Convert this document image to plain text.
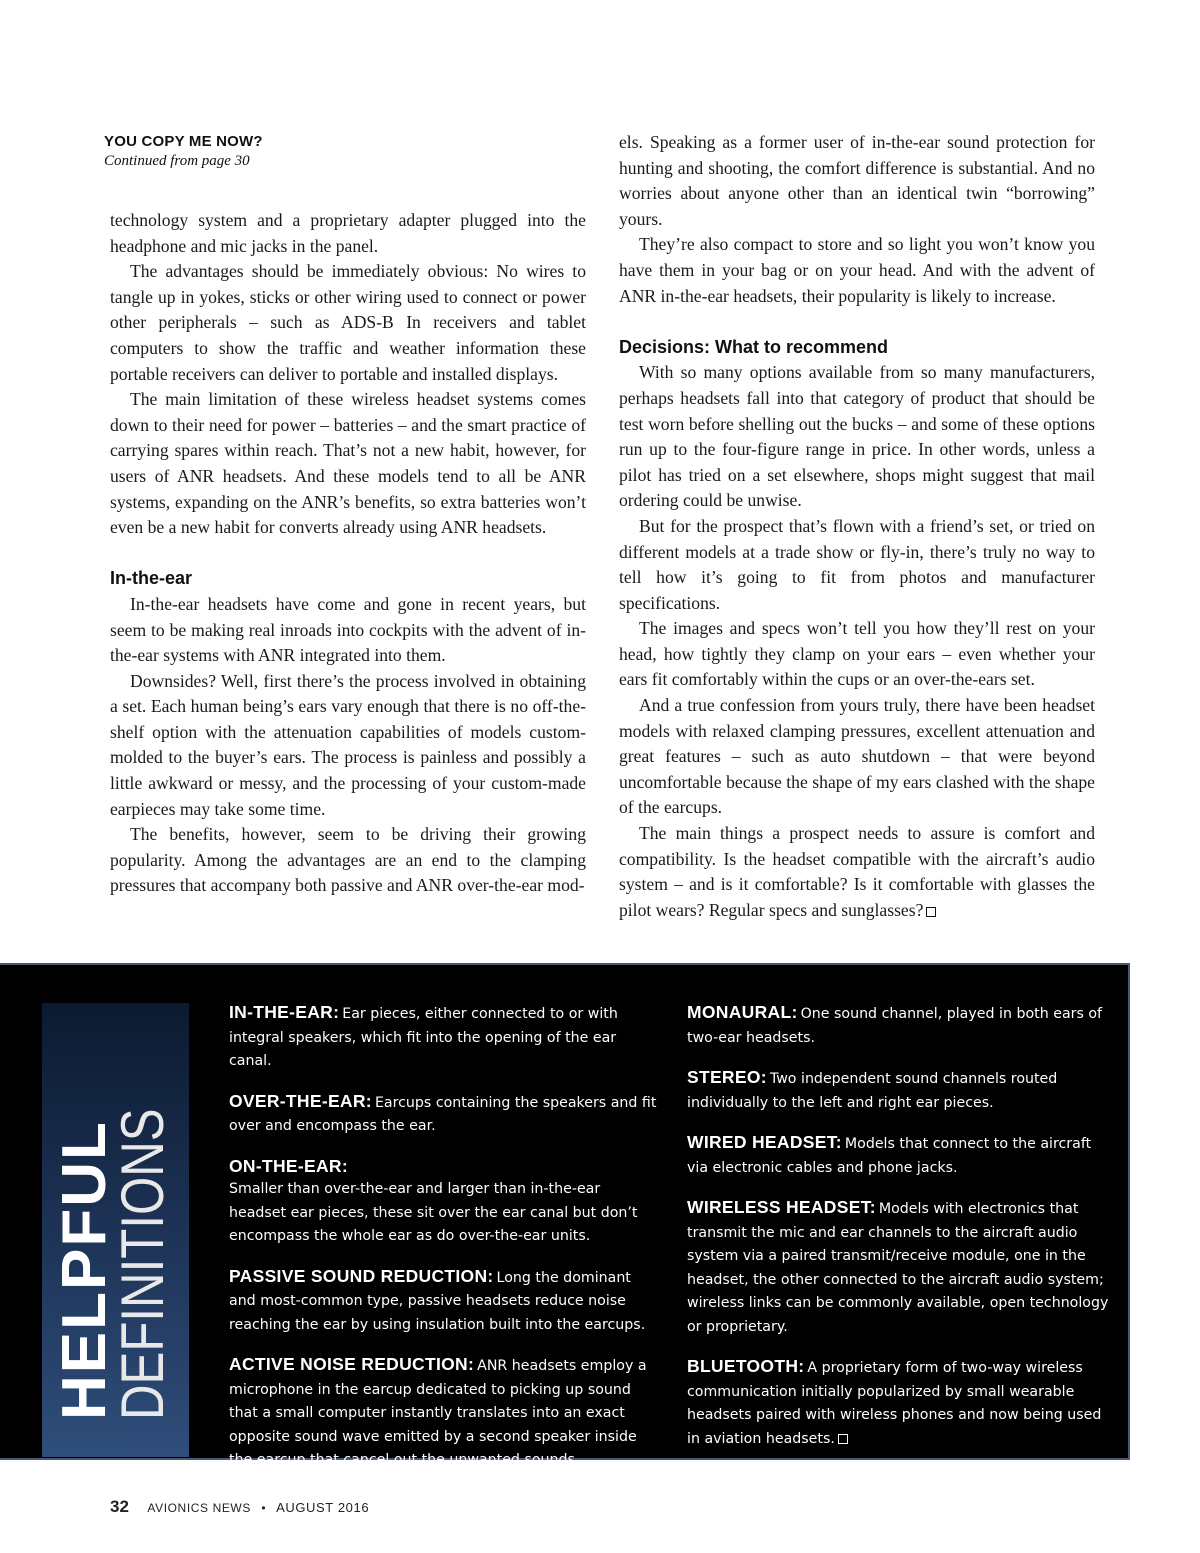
YOU COPY ME NOW?
Continued from page 30

technology system and a proprietary adapter plugged into the headphone and mic jacks in the panel.

The advantages should be immediately obvious: No wires to tangle up in yokes, sticks or other wiring used to connect or power other peripherals – such as ADS-B In receivers and tablet computers to show the traffic and weather information these portable receivers can deliver to portable and installed displays.

The main limitation of these wireless headset systems comes down to their need for power – batteries – and the smart practice of carrying spares within reach. That’s not a new habit, however, for users of ANR headsets. And these models tend to all be ANR systems, expanding on the ANR’s benefits, so extra batteries won’t even be a new habit for converts already using ANR headsets.

In-the-ear

In-the-ear headsets have come and gone in recent years, but seem to be making real inroads into cockpits with the advent of in-the-ear systems with ANR integrated into them.

Downsides? Well, first there’s the process involved in obtaining a set. Each human being’s ears vary enough that there is no off-the-shelf option with the attenuation capabilities of models custom-molded to the buyer’s ears. The process is painless and possibly a little awkward or messy, and the processing of your custom-made earpieces may take some time.

The benefits, however, seem to be driving their growing popularity. Among the advantages are an end to the clamping pressures that accompany both passive and ANR over-the-ear mod-

els. Speaking as a former user of in-the-ear sound protection for hunting and shooting, the comfort difference is substantial. And no worries about anyone other than an identical twin “borrowing” yours.

They’re also compact to store and so light you won’t know you have them in your bag or on your head. And with the advent of ANR in-the-ear headsets, their popularity is likely to increase.

Decisions: What to recommend

With so many options available from so many manufacturers, perhaps headsets fall into that category of product that should be test worn before shelling out the bucks – and some of these options run up to the four-figure range in price. In other words, unless a pilot has tried on a set elsewhere, shops might suggest that mail ordering could be unwise.

But for the prospect that’s flown with a friend’s set, or tried on different models at a trade show or fly-in, there’s truly no way to tell how it’s going to fit from photos and manufacturer specifications.

The images and specs won’t tell you how they’ll rest on your head, how tightly they clamp on your ears – even whether your ears fit comfortably within the cups or an over-the-ears set.

And a true confession from yours truly, there have been headset models with relaxed clamping pressures, excellent attenuation and great features – such as auto shutdown – that were beyond uncomfortable because the shape of my ears clashed with the shape of the earcups.

The main things a prospect needs to assure is comfort and compatibility. Is the headset compatible with the aircraft’s audio system – and is it comfortable? Is it comfortable with glasses the pilot wears? Regular specs and sunglasses?

HELPFUL
DEFINITIONS
IN-THE-EAR: Ear pieces, either connected to or with integral speakers, which fit into the opening of the ear canal.
OVER-THE-EAR: Earcups containing the speakers and fit over and encompass the ear.
ON-THE-EAR:
Smaller than over-the-ear and larger than in-the-ear headset ear pieces, these sit over the ear canal but don’t encompass the whole ear as do over-the-ear units.
PASSIVE SOUND REDUCTION: Long the dominant and most-common type, passive headsets reduce noise reaching the ear by using insulation built into the earcups.
ACTIVE NOISE REDUCTION: ANR headsets employ a microphone in the earcup dedicated to picking up sound that a small computer instantly translates into an exact opposite sound wave emitted by a second speaker inside the earcup that cancel out the unwanted sounds.
MONAURAL: One sound channel, played in both ears of two-ear headsets.
STEREO: Two independent sound channels routed individually to the left and right ear pieces.
WIRED HEADSET: Models that connect to the aircraft via electronic cables and phone jacks.
WIRELESS HEADSET: Models with electronics that transmit the mic and ear channels to the aircraft audio system via a paired transmit/receive module, one in the headset, the other connected to the aircraft audio system; wireless links can be commonly available, open technology or proprietary.
BLUETOOTH: A proprietary form of two-way wireless communication initially popularized by small wearable headsets paired with wireless phones and now being used in aviation headsets.
32 AVIONICS NEWS • AUGUST 2016
